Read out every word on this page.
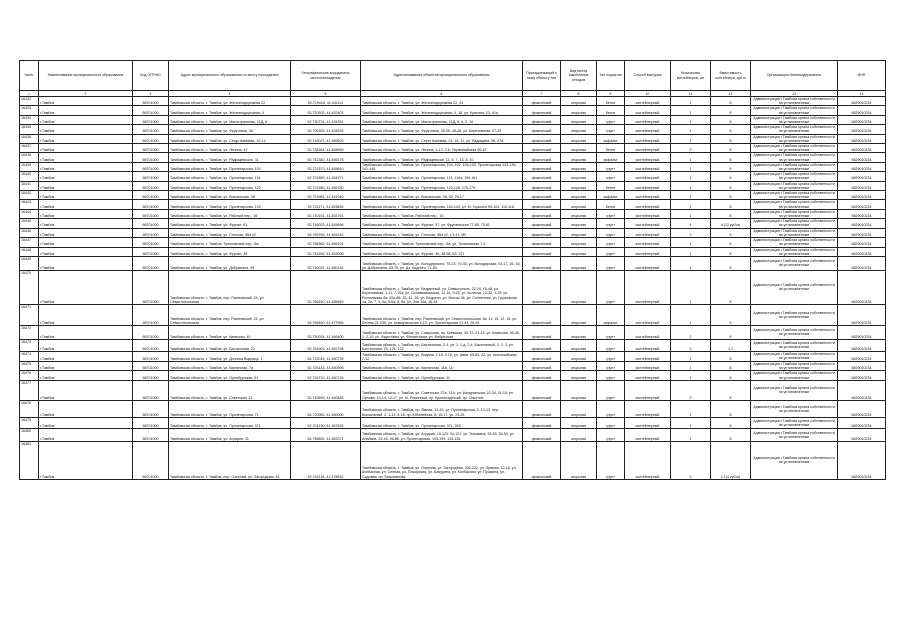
№п/п	Наименование муниципального образования	Код ОГРНЮ	Адрес муниципального образования по месту нахождения	Географические координаты местонахождения	Адреса/названия объектов муниципального образования	Принадлежащий к нему объекту тип	Вид места накопления отходов	Тип покрытия	Способ выгрузки	Количество контейнеров, шт	Вместимость контейнера, куб.м	Организация-балансодержатель	ИНН
1	2	3	4	5	6	7	8	9	10	11	12	13	14
16432	г.Тамбов	68701000	Тамбовская область, г. Тамбов, ул. Железнодорожная 22	52.719418, 41.431111	Тамбовская область, г. Тамбов, ул. Железнодорожная 22, 24	физический	открытая	бетон	контейнерный	1	8	Администрация г.Тамбова органа собственности на установленные	6829010234
16433	г.Тамбов	68701000	Тамбовская область, г. Тамбов, ул. Железнодорожная, 4	52.720502, 41.432403	Тамбовская область, г. Тамбов, ул. Железнодорожная, 4, 18, ул. Красная, 23, 41а	физический	открытая	бетон	контейнерный	1	8	Администрация г.Тамбова органа собственности на установленные	6829010234
16434	г.Тамбов	68701000	Тамбовская область, г. Тамбов, ул. Магистральная, 21Д, 8	52.730731, 41.434351	Тамбовская область, г. Тамбов, ул. Магистральная, 21Д, 8, 6, 2, 10	физический	открытая	грунт	контейнерный	1	8	Администрация г.Тамбова органа собственности на установленные	6829010234
16435	г.Тамбов	68701000	Тамбовская область, г. Тамбов, ул. Фруктовая, 46	52.705392, 41.428254	Тамбовская область, г. Тамбов, ул. Фруктовая, 35-36, 46-48, ул. Березовская, 27-29	физический	открытая	грунт	контейнерный	1	8	Администрация г.Тамбова органа собственности на установленные	6829010234
16436	г.Тамбов	68701000	Тамбовская область, г. Тамбов, ул. Сergo Камнева, 10-14	52.749027, 41.469529	Тамбовская область, г. Тамбов, ул. Серго Камнева, 24, 18, 11, ул. Радищева, 26, 27а	физический	открытая	асфальт	контейнерный	1	8	Администрация г.Тамбова органа собственности на установленные	6829010234
16437	г.Тамбов	68701000	Тамбовская область, г. Тамбов, ул. Ленина, 42	52.738384, 41.458659	Тамбовская область, г. Тамбов, ул. Ленина, 1-13, 2-6, Первомайская 40-42	физический	открытая	бетон	контейнерный	2	8	Администрация г.Тамбова органа собственности на установленные	6829010234
16438	г.Тамбов	68701000	Тамбовская область, г. Тамбов, ул. Радищевского, 11	52.742382, 41.456178	Тамбовская область, г. Тамбов, ул. Радищевская, 11, 5, 7, 13, 8, 10	физический	открытая	асфальт	контейнерный	1	8	Администрация г.Тамбова органа собственности на установленные	6829010234
16439	г.Тамбов	68701000	Тамбовская область, г. Тамбов, ул. Пролетарская, 104	52.722373, 41.458810	Тамбовская область, г. Тамбов, ул. Пролетарская, 104, 102, 105-103, Пролетарская 143-135, 141-145	физический	открытая	грунт	контейнерный	1	8	Администрация г.Тамбова органа собственности на установленные	6829010234
16440	г.Тамбов	68701000	Тамбовская область, г. Тамбов, ул. Пролетарская, 114	52.721853, 41.454271	Тамбовская область, г. Тамбов, ул. Пролетарская, 113, 116а, 159-161	физический	открытая	грунт	контейнерный	1	8	Администрация г.Тамбова органа собственности на установленные	6829010234
16441	г.Тамбов	68701000	Тамбовская область, г. Тамбов, ул. Пролетарская, 122	52.721580, 41.456780	Тамбовская область, г. Тамбов, ул. Пролетарская, 122-128, 175-179	физический	открытая	бетон	контейнерный	1	8	Администрация г.Тамбова органа собственности на установленные	6829010234
16442	г.Тамбов	68701000	Тамбовская область, г. Тамбов, ул. Вокзальная, 36	52.723961, 41.441940	Тамбовская область, г. Тамбов, ул. Вокзальная, 36, 40, 29-17	физический	открытая	асфальт	контейнерный	1	8	Администрация г.Тамбова органа собственности на установленные	6829010234
16443	г.Тамбов	68701000	Тамбовская область, г. Тамбов, ул. Пролетарская, 133	52.721171, 41.453825	Тамбовская область, г. Тамбов, ул. Пролетарская, 140-144, ул. М. Горького 99-103, 110-118	физический	открытая	бетон	контейнерный	1	8	Администрация г.Тамбова органа собственности на установленные	6829010234
16444	г.Тамбов	68701000	Тамбовская область, г. Тамбов, ул. Рабочий пер., 16	52.740151, 41.453761	Тамбовская область, г. Тамбов, Рабочий пер., 16	физический	открытая	грунт	контейнерный	1	8	Администрация г.Тамбова органа собственности на установленные	6829010234
16445	г.Тамбов	68701000	Тамбовская область, г. Тамбов, ул. Фрунзе, 61	52.746023, 41.445696	Тамбовская область, г. Тамбов, ул. Фрунзе, 57, ул. Фрунзенская 77-85, 75-61	физический	открытая	грунт	контейнерный	4	4 (12 куб.м)	Администрация г.Тамбова органа собственности на установленные	6829010234
16446	г.Тамбов	68701000	Тамбовская область, г. Тамбов, ул. Степная, 66а к2	52.759755, 41.464162	Тамбовская область, г. Тамбов, ул. Степная, 66а к2, к 3-11, 9В	физический	открытая	грунт	контейнерный	2	8	Администрация г.Тамбова органа собственности на установленные	6829010234
16447	г.Тамбов	68701000	Тамбовская область, г. Тамбов, Тулиновский пер., 8а	52.756982, 41.466224	Тамбовская область, г. Тамбов, Тулиновский пер., 8а, ул. Тулиновская 7-9	физический	открытая	грунт	контейнерный	1	8	Администрация г.Тамбова органа собственности на установленные	6829010234
16448	г.Тамбов	68701000	Тамбовская область, г. Тамбов, ул. Фрунзе, 48	52.741692, 41.452008	Тамбовская область, г. Тамбов, ул. Фрунзе, 46, 48-58, 63, 971	физический	открытая	грунт	контейнерный	1	8	Администрация г.Тамбова органа собственности на установленные	6829010234
16449	г.Тамбов	68701000	Тамбовская область, г. Тамбов, ул. Добрынина, 99	52.740037, 41.460144	Тамбовская область, г. Тамбов, ул. Володарского, 75-23, 79-35, ул. Володарская, 61-17, 26, 16, ул. Добрынина, 83-75, ул. Дз. Бедного, 71-63	физический	открытая	грунт	контейнерный	1	8	Администрация г.Тамбова органа собственности на установленные	6829010234
16470	г.Тамбов	68701000	Тамбовская область, г. Тамбов, пер. Рылеевский, 24, ул. Севастопольская	52.766450, 41.485469	Тамбовская область, г. Тамбов, ул. Бедренный, ул. Севастополь, 22-24, 16-48, ул. Березовская, 1-11, 7-10а, ул. Осоавиахимская, 12-16, 9-25, ул. Колхоза, 12-32, 1-19, ул. Рылеевская 8а, 92а-86, 35, 41, 26, ул. Бедренн, ул. Мосты 28, ул. Солнечная, ул. Грузинская 1а, 2а, 7, 3, 9а, 5-6а, 8, 8а, ул. Зои 10а, 16-18	физический	открытая	грунт	контейнерный	1	8	Администрация г.Тамбова органа собственности на установленные	6829010234
16471	г.Тамбов	68701000	Тамбовская область, г. Тамбов, пер. Рылеевский, 24, ул. Севастопольская	52.765830, 41.477565	Тамбовская область, г. Тамбов, пер. Рылеевский, ул. Севастопольская, 9а, 11, 15, 12, 15, ул. Летняя 21-23б, ул. Коммунальная 5-13, ул. Пролетарская 23-43, 26-35	физический	открытая	асфальт	контейнерный	1	8	Администрация г.Тамбова органа собственности на установленные	6829010234
16472	г.Тамбов	68701000	Тамбовская область, г. Тамбов, ул. Киевская, 40	52.750034, 41.466400	Тамбовская область, г. Тамбов, ул. Сакерская, пр. Киевская, 35-72, 21-43, ул. Киевская, 36-40, 1, 2-10, ул. Фруктовая, ул. Финансовая, ул. Фабричная	физический	открытая	грунт	контейнерный	2	8	Администрация г.Тамбова органа собственности на установленные	6829010234
16473	г.Тамбов	68701000	Тамбовская область, г. Тамбов, ул. Бастионная, 23	52.754903, 41.462798	Тамбовская область, г. Тамбов, пр. Бастионная, 2-4, ул. 1, 1-д, 2-4, Бастионный, 3, 2, 3, ул. Бастионная, 23, 121, 122	физический	открытая	грунт	контейнерный	2	1,1	Администрация г.Тамбова органа собственности на установленные	6829010234
16474	г.Тамбов	68701000	Тамбовская область, г. Тамбов, ул. Долгина Водница, 1	52.722016, 41.450739	Тамбовская область, г. Тамбов, ул. Водная, 1-18, 2-15, ул. Авиа, 65-83, 22, ул. Анатолийская, 7-12	физический	открытая	грунт	контейнерный	1	8	Администрация г.Тамбова органа собственности на установленные	6829010234
16475	г.Тамбов	68701000	Тамбовская область, г. Тамбов, ул. Кирпичная, 7а	52.725143, 41.450998	Тамбовская область, г. Тамбов, ул. Кирпичная, 11а, 11г	физический	открытая	грунт	контейнерный	1	8	Администрация г.Тамбова органа собственности на установленные	6829010234
16476	г.Тамбов	68701000	Тамбовская область, г. Тамбов, ул. Оренбургская, 51	52.739710, 41.460718	Тамбовская область, г. Тамбов, ул. Оренбургская, 11	физический	открытая	грунт	контейнерный	1	8	Администрация г.Тамбова органа собственности на установленные	6829010234
16477	г.Тамбов	68701000	Тамбовская область, г. Тамбов, ул. Советская, 21	52.749693, 41.460483	Тамбовская область, г. Тамбов, ул. Советская, 27а, 21А, ул. Мичуринская, 22-34, 11-15, ул. Орлова, 10-14, 12-17, ул. М. Ремонный, пр. Кронштадтский, пр. Опытное	физический	открытая	грунт	контейнерный	2	8	Администрация г.Тамбова органа собственности на установленные	6829010234
16478	г.Тамбов	68701000	Тамбовская область, г. Тамбов, ул. Пролетарская, 71	52.720983, 41.450000	Тамбовская область, г. Тамбов, пр. Ямная, 12-43, ул. Пролетарская, 2, 10-13, пер. Вокзальный, 2, 1-12, 4-18, пр. Юбилейная, 8, 15-17, ул. 23-25	физический	открытая	грунт	контейнерный	1	8	Администрация г.Тамбова органа собственности на установленные	6829010234
16479	г.Тамбов	68701000	Тамбовская область, г. Тамбов, ул. Пролетарская, 371	52.704190, 41.467632	Тамбовская область, г. Тамбов, ул. Пролетарская, 371, 263	физический	открытая	грунт	контейнерный	1	8	Администрация г.Тамбова органа собственности на установленные	6829010234
16480	г.Тамбов	68701000	Тамбовская область, г. Тамбов, ул. Агрария, 31	52.756852, 41.562071	Тамбовская область, г. Тамбов, ул. Агрария, 10-123, 44-121, ул. Тельмана, 33-53, 35-50, ул. Алабяна, 29-45, 46-86, ул. Пролетарская, 193-199, 134-135	физический	открытая	грунт	контейнерный	1	8	Администрация г.Тамбова органа собственности на установленные	6829010234
16481	г.Тамбов	68701000	Тамбовская область, г. Тамбов, пер. Озерный, ул. Загородная, 51	52.763118, 41.478810	Тамбовская область, г. Тамбов, ул. Озерная, ул. Загородная, 205-232, ул. Прямая, 12-18, ул. Колбасная, ул. Сенная, ул. Пожарская, ул. Бачурина, ул. Колбасная, ул. Пушкина, ул. Садовая, пр. Безымянная	физический	открытая	грунт	контейнерный	2	1,1(4 куб.м)	Администрация г.Тамбова органа собственности на установленные	6829010234
